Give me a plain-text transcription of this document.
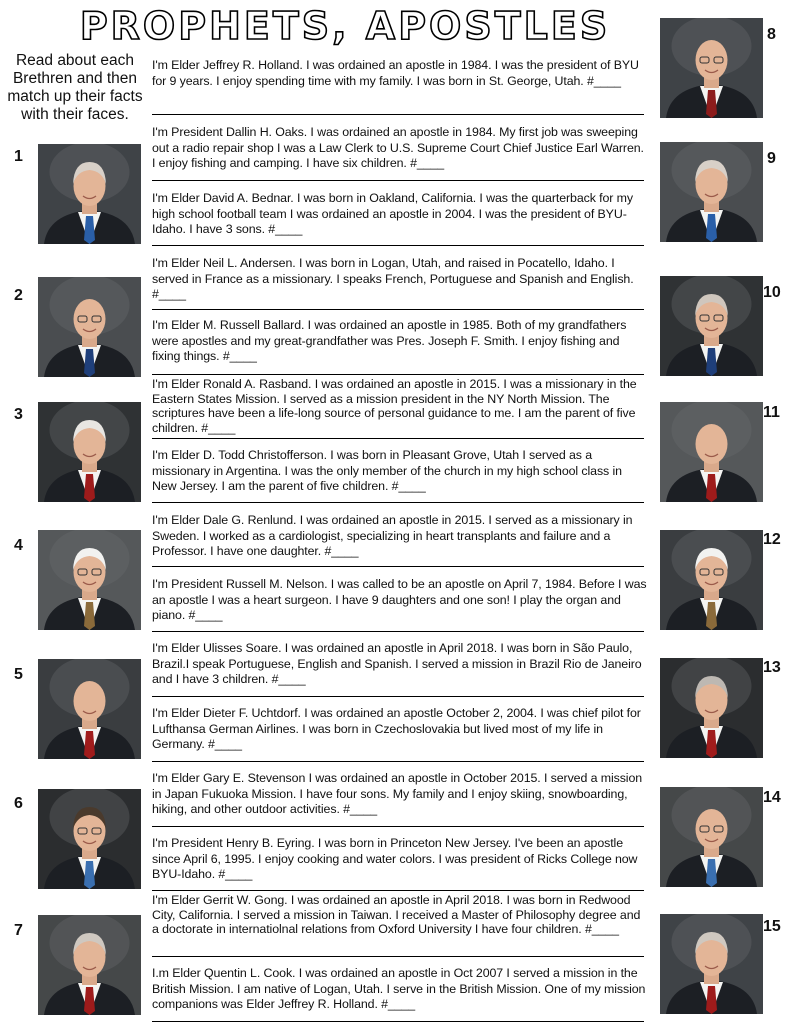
PROPHETS, APOSTLES
Read about each Brethren and then match up their facts with their faces.
1
2
3
4
5
6
7
8
9
10
11
12
13
14
15
I'm Elder Jeffrey R. Holland. I was ordained an apostle in 1984. I was the president of BYU for 9 years. I enjoy spending time with my family. I was born in St. George, Utah. #____
I'm President Dallin H. Oaks. I was ordained an apostle in 1984. My first job was sweeping out a radio repair shop I was a Law Clerk to U.S. Supreme Court Chief Justice Earl Warren. I enjoy fishing and camping. I have six children. #____
I'm Elder David A. Bednar. I was born in Oakland, California. I was the quarterback for my high school football team I was ordained an apostle in 2004. I was the president of BYU-Idaho. I have 3 sons. #____
I'm Elder Neil L. Andersen. I was born in Logan, Utah, and raised in Pocatello, Idaho. I served in France as a missionary. I speaks French, Portuguese and Spanish and English. #____
I'm Elder M. Russell Ballard. I was ordained an apostle in 1985. Both of my grandfathers were apostles and my great-grandfather was Pres. Joseph F. Smith. I enjoy fishing and fixing things. #____
I'm Elder Ronald A. Rasband. I was ordained an apostle in 2015. I was a missionary in the Eastern States Mission. I served as a mission president in the NY North Mission. The scriptures have been a life-long source of personal guidance to me. I am the parent of five children. #____
I'm Elder D. Todd Christofferson. I was born in Pleasant Grove, Utah I served as a missionary in Argentina. I was the only member of the church in my high school class in New Jersey. I am the parent of five children. #____
I'm Elder Dale G. Renlund. I was ordained an apostle in 2015. I served as a missionary in Sweden. I worked as a cardiologist, specializing in heart transplants and failure and a Professor. I have one daughter. #____
I'm President Russell M. Nelson. I was called to be an apostle on April 7, 1984. Before I was an apostle I was a heart surgeon. I have 9 daughters and one son! I play the organ and piano. #____
I'm Elder Ulisses Soare. I was ordained an apostle in April 2018. I was born in São Paulo, Brazil.I speak Portuguese, English and Spanish. I served a mission in Brazil Rio de Janeiro and I have 3 children. #____
I'm Elder Dieter F. Uchtdorf. I was ordained an apostle October 2, 2004. I was chief pilot for Lufthansa German Airlines. I was born in Czechoslovakia but lived most of my life in Germany. #____
I'm Elder Gary E. Stevenson I was ordained an apostle in October 2015. I served a mission in Japan Fukuoka Mission. I have four sons. My family and I enjoy skiing, snowboarding, hiking, and other outdoor activities. #____
I'm President Henry B. Eyring. I was born in Princeton New Jersey. I've been an apostle since April 6, 1995. I enjoy cooking and water colors. I was president of Ricks College now BYU-Idaho. #____
I'm Elder Gerrit W. Gong. I was ordained an apostle in April 2018. I was born in Redwood City, California. I served a mission in Taiwan. I received a Master of Philosophy degree and a doctorate in internatiolnal relations from Oxford University I have four children. #____
I.m Elder Quentin L. Cook. I was ordained an apostle in Oct 2007 I served a mission in the British Mission. I am native of Logan, Utah. I serve in the British Mission. One of my mission companions was Elder Jeffrey R. Holland. #____
